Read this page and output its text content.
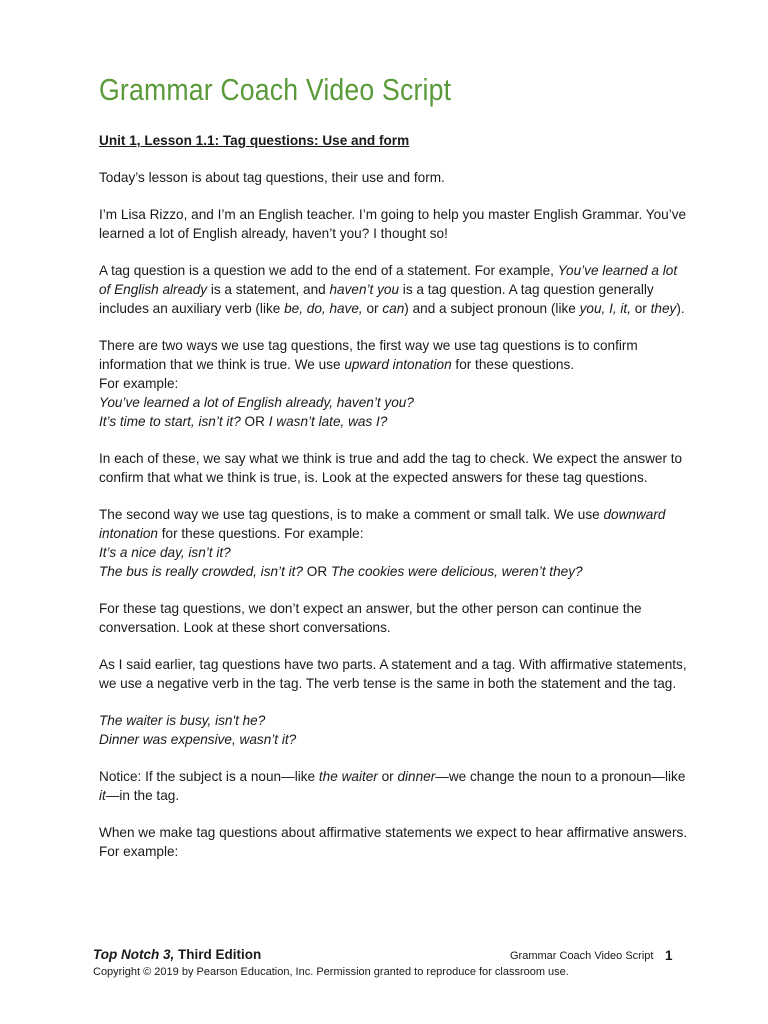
Grammar Coach Video Script
Unit 1, Lesson 1.1: Tag questions: Use and form

Today’s lesson is about tag questions, their use and form.

I’m Lisa Rizzo, and I’m an English teacher. I’m going to help you master English Grammar. You’ve learned a lot of English already, haven’t you? I thought so!

A tag question is a question we add to the end of a statement. For example, You’ve learned a lot of English already is a statement, and haven’t you is a tag question. A tag question generally includes an auxiliary verb (like be, do, have, or can) and a subject pronoun (like you, I, it, or they).

There are two ways we use tag questions, the first way we use tag questions is to confirm information that we think is true. We use upward intonation for these questions.
For example:
You’ve learned a lot of English already, haven’t you?
It’s time to start, isn’t it? OR I wasn’t late, was I?

In each of these, we say what we think is true and add the tag to check. We expect the answer to confirm that what we think is true, is. Look at the expected answers for these tag questions.

The second way we use tag questions, is to make a comment or small talk. We use downward intonation for these questions. For example:
It’s a nice day, isn’t it?
The bus is really crowded, isn’t it? OR The cookies were delicious, weren’t they?

For these tag questions, we don’t expect an answer, but the other person can continue the conversation. Look at these short conversations.

As I said earlier, tag questions have two parts. A statement and a tag. With affirmative statements, we use a negative verb in the tag. The verb tense is the same in both the statement and the tag.

The waiter is busy, isn't he?
Dinner was expensive, wasn’t it?

Notice: If the subject is a noun—like the waiter or dinner—we change the noun to a pronoun—like it—in the tag.

When we make tag questions about affirmative statements we expect to hear affirmative answers. For example:

Top Notch 3, Third Edition	Grammar Coach Video Script 1
Copyright © 2019 by Pearson Education, Inc. Permission granted to reproduce for classroom use.
